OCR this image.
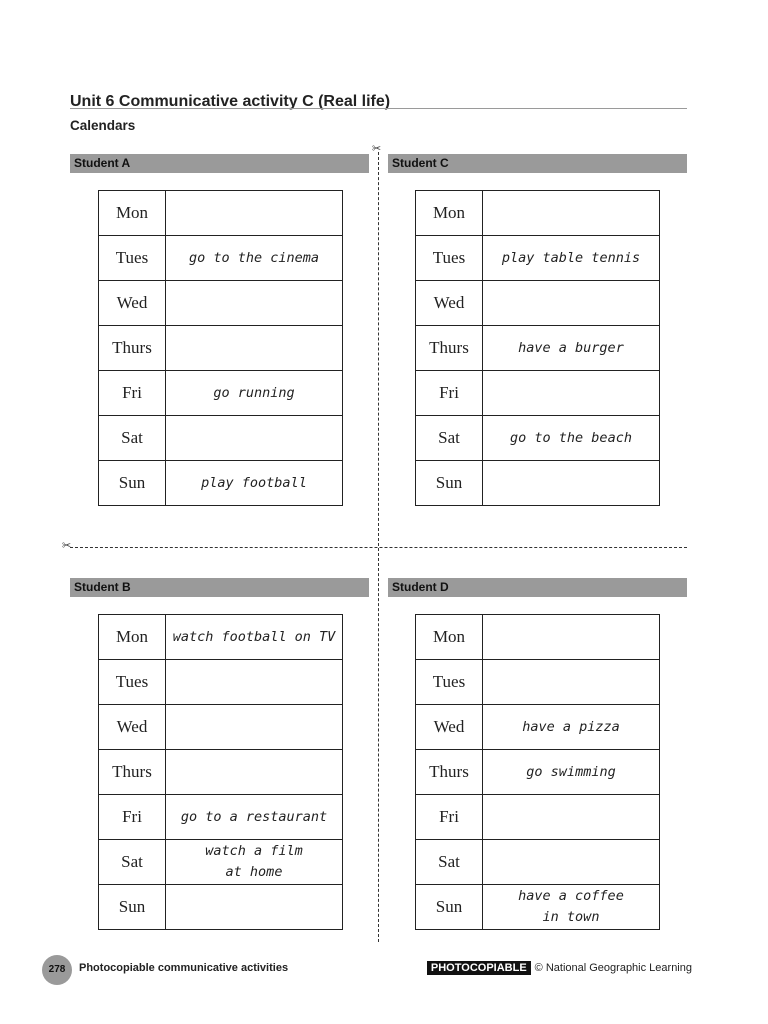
Unit 6 Communicative activity C (Real life)
Calendars
✂
✂
Student A
Mon	
Tues	go to the cinema
Wed	
Thurs	
Fri	go running
Sat	
Sun	play football
Student C
Mon	
Tues	play table tennis
Wed	
Thurs	have a burger
Fri	
Sat	go to the beach
Sun	
Student B
Mon	watch football on TV
Tues	
Wed	
Thurs	
Fri	go to a restaurant
Sat	watch a film
at home
Sun	
Student D
Mon	
Tues	
Wed	have a pizza
Thurs	go swimming
Fri	
Sat	
Sun	have a coffee
in town
278	Photocopiable communicative activities	PHOTOCOPIABLE © National Geographic Learning
